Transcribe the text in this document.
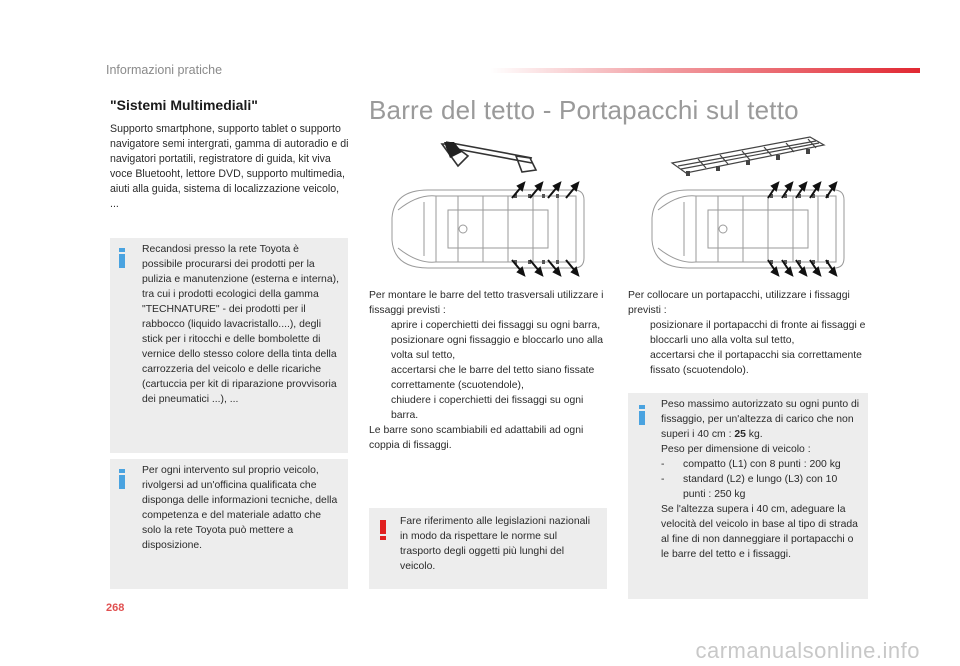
Informazioni pratiche
"Sistemi Multimediali"
Supporto smartphone, supporto tablet o supporto navigatore semi intergrati, gamma di autoradio e di navigatori portatili, registratore di guida, kit viva voce Bluetooht, lettore DVD, supporto multimedia, aiuti alla guida, sistema di localizzazione veicolo, ...
Recandosi presso la rete Toyota è possibile procurarsi dei prodotti per la pulizia e manutenzione (esterna e interna), tra cui i prodotti ecologici della gamma "TECHNATURE" - dei prodotti per il rabbocco (liquido lavacristallo....), degli stick per i ritocchi e delle bombolette di vernice dello stesso colore della tinta della carrozzeria del veicolo e delle ricariche (cartuccia per kit di riparazione provvisoria dei pneumatici ...), ...
Per ogni intervento sul proprio veicolo, rivolgersi ad un'officina qualificata che disponga delle informazioni tecniche, della competenza e del materiale adatto che solo la rete Toyota può mettere a disposizione.
Barre del tetto - Portapacchi sul tetto
Per montare le barre del tetto trasversali utilizzare i fissaggi previsti :
aprire i coperchietti dei fissaggi su ogni barra,
posizionare ogni fissaggio e bloccarlo uno alla volta sul tetto,
accertarsi che le barre del tetto siano fissate correttamente (scuotendole),
chiudere i coperchietti dei fissaggi su ogni barra.
Le barre sono scambiabili ed adattabili ad ogni coppia di fissaggi.
Fare riferimento alle legislazioni nazionali in modo da rispettare le norme sul trasporto degli oggetti più lunghi del veicolo.
Per collocare un portapacchi, utilizzare i fissaggi previsti :
posizionare il portapacchi di fronte ai fissaggi e bloccarli uno alla volta sul tetto,
accertarsi che il portapacchi sia correttamente fissato (scuotendolo).
Peso massimo autorizzato su ogni punto di fissaggio, per un'altezza di carico che non superi i 40 cm : 25 kg.
Peso per dimensione di veicolo :
-	compatto (L1) con 8 punti : 200 kg
-	standard (L2) e lungo (L3) con 10 punti : 250 kg
Se l'altezza supera i 40 cm, adeguare la velocità del veicolo in base al tipo di strada al fine di non danneggiare il portapacchi o le barre del tetto e i fissaggi.
268
carmanualsonline.info
